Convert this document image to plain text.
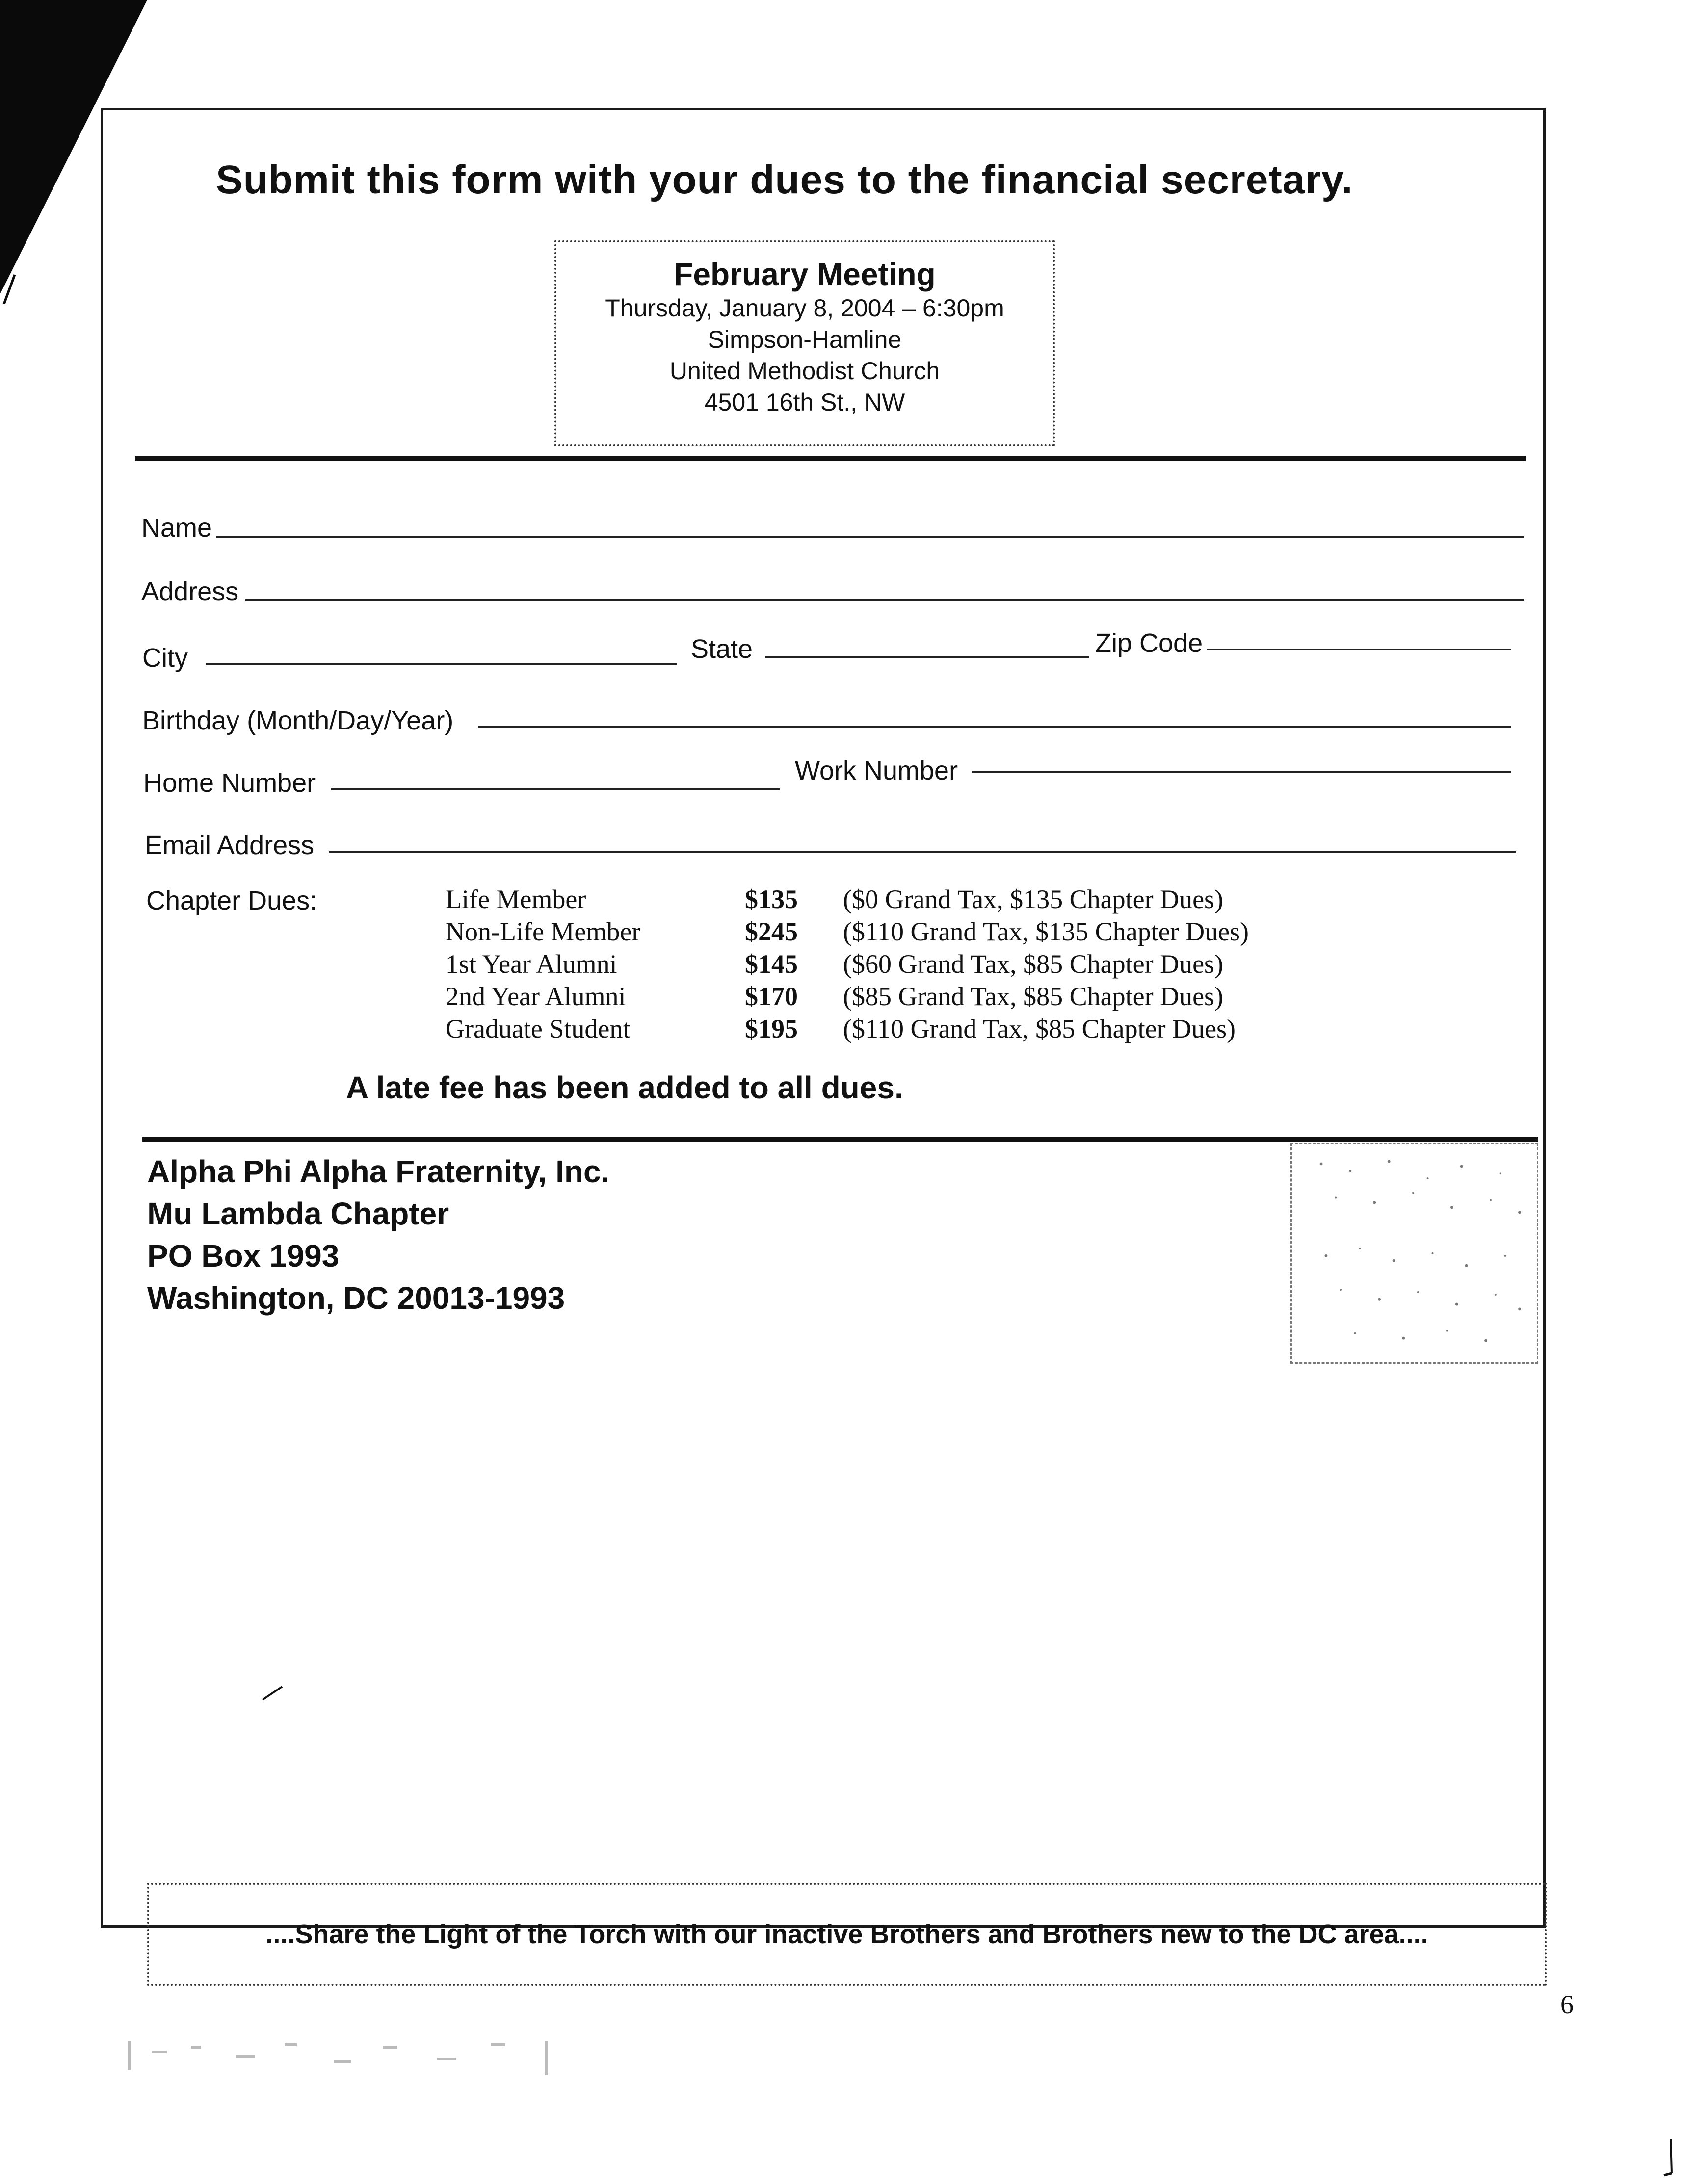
Submit this form with your dues to the financial secretary.
February Meeting
Thursday, January 8, 2004 – 6:30pm
Simpson-Hamline
United Methodist Church
4501 16th St., NW
Name
Address
City	State	Zip Code
Birthday (Month/Day/Year)
Home Number	Work Number
Email Address
Chapter Dues:	Life Member	$135	($0 Grand Tax, $135 Chapter Dues)
Non-Life Member	$245	($110 Grand Tax, $135 Chapter Dues)
1st Year Alumni	$145	($60 Grand Tax, $85 Chapter Dues)
2nd Year Alumni	$170	($85 Grand Tax, $85 Chapter Dues)
Graduate Student	$195	($110 Grand Tax, $85 Chapter Dues)
A late fee has been added to all dues.
Alpha Phi Alpha Fraternity, Inc.
Mu Lambda Chapter
PO Box 1993
Washington, DC 20013-1993
....Share the Light of the Torch with our inactive Brothers and Brothers new to the DC area....
6
